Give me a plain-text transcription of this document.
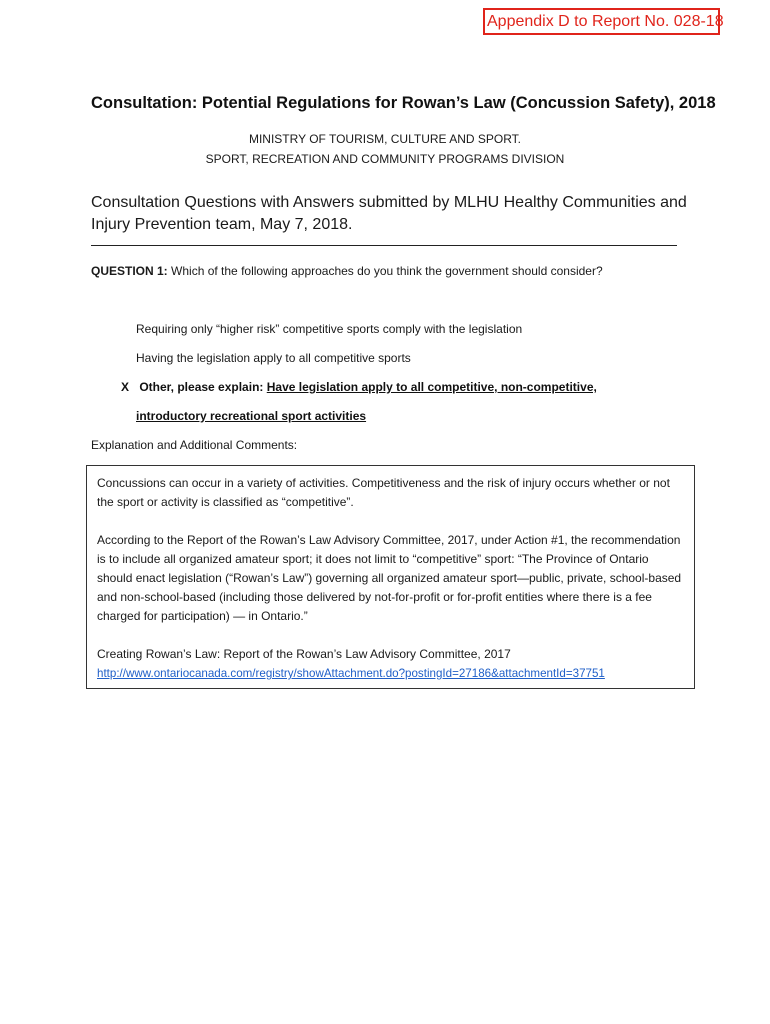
Appendix D to Report No. 028-18
Consultation: Potential Regulations for Rowan’s Law (Concussion Safety), 2018
MINISTRY OF TOURISM, CULTURE AND SPORT.
SPORT, RECREATION AND COMMUNITY PROGRAMS DIVISION
Consultation Questions with Answers submitted by MLHU Healthy Communities and Injury Prevention team, May 7, 2018.
QUESTION 1: Which of the following approaches do you think the government should consider?
Requiring only “higher risk” competitive sports comply with the legislation
Having the legislation apply to all competitive sports
X Other, please explain: Have legislation apply to all competitive, non-competitive,
introductory recreational sport activities
Explanation and Additional Comments:

Concussions can occur in a variety of activities. Competitiveness and the risk of injury occurs whether or not the sport or activity is classified as “competitive”.

According to the Report of the Rowan’s Law Advisory Committee, 2017, under Action #1, the recommendation is to include all organized amateur sport; it does not limit to “competitive” sport: “The Province of Ontario should enact legislation (“Rowan’s Law”) governing all organized amateur sport—public, private, school-based and non-school-based (including those delivered by not-for-profit or for-profit entities where there is a fee charged for participation) — in Ontario.”

Creating Rowan’s Law: Report of the Rowan’s Law Advisory Committee, 2017
http://www.ontariocanada.com/registry/showAttachment.do?postingId=27186&attachmentId=37751
